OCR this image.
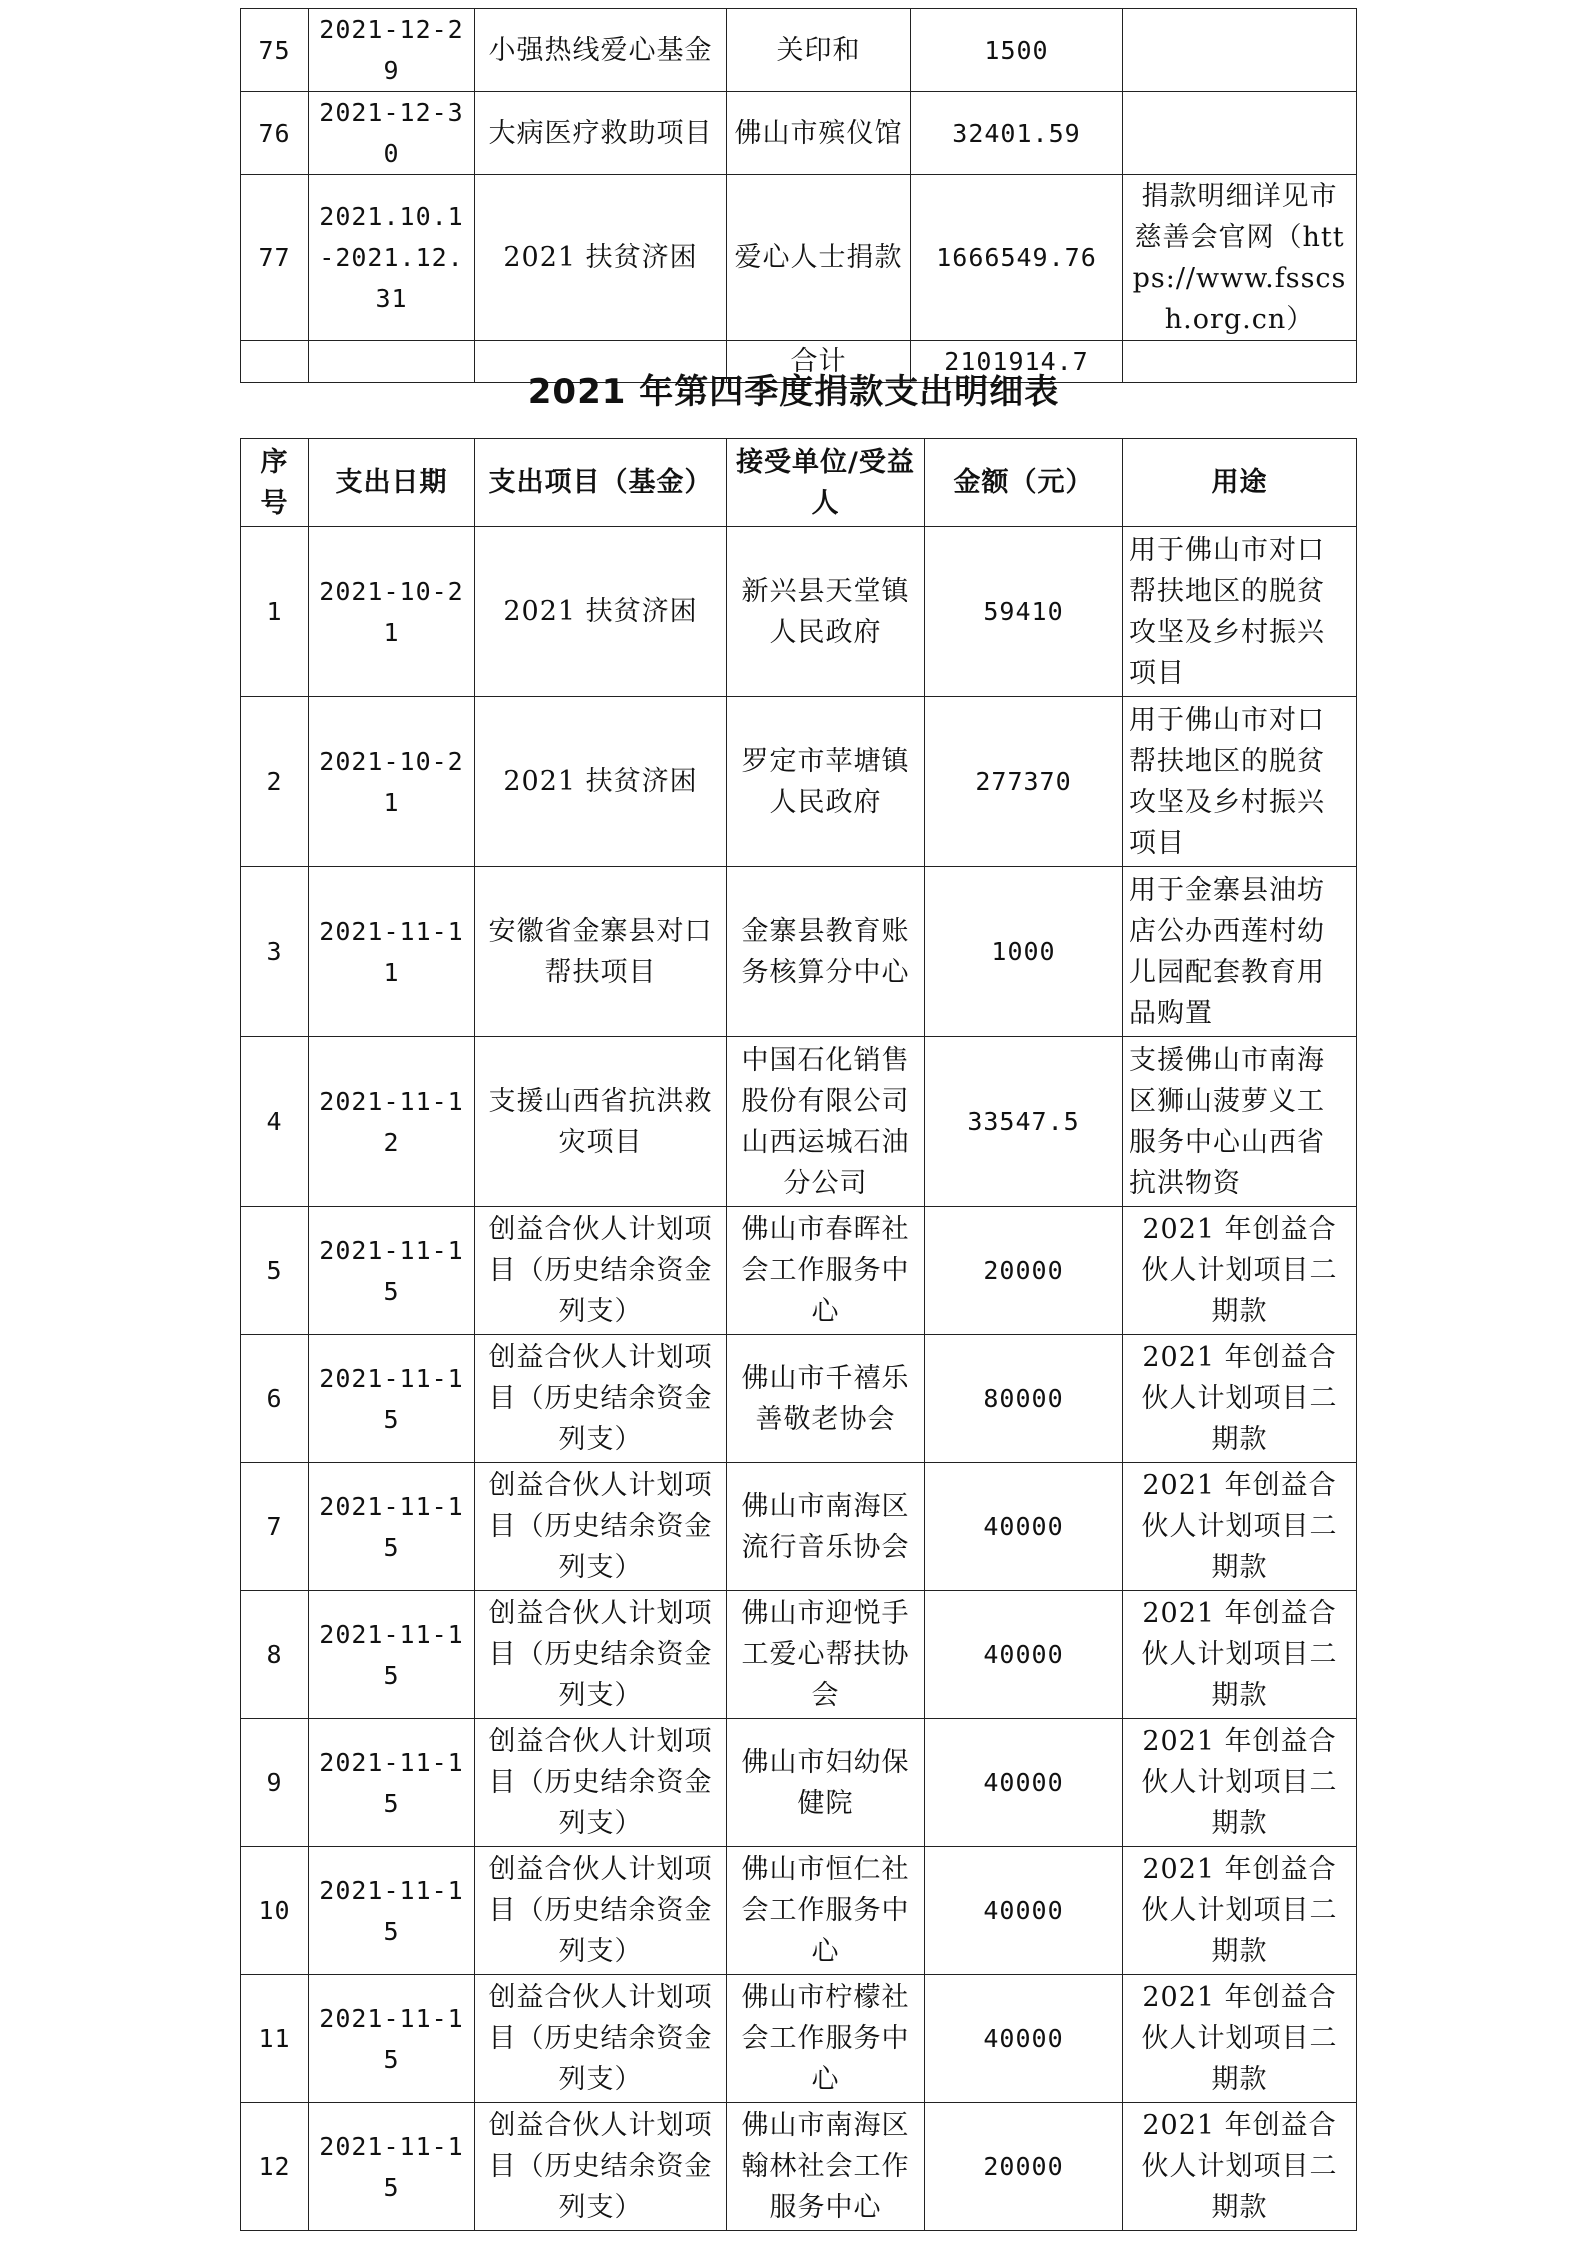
75	2021-12-29	小强热线爱心基金	关印和	1500	
76	2021-12-30	大病医疗救助项目	佛山市殡仪馆	32401.59	
77	2021.10.1-2021.12.31	2021 扶贫济困	爱心人士捐款	1666549.76	捐款明细详见市慈善会官网（https://www.fsscsh.org.cn）
			合计	2101914.7	
2021 年第四季度捐款支出明细表
序号	支出日期	支出项目（基金）	接受单位/受益人	金额（元）	用途
1	2021-10-21	2021 扶贫济困	新兴县天堂镇人民政府	59410	用于佛山市对口帮扶地区的脱贫攻坚及乡村振兴项目
2	2021-10-21	2021 扶贫济困	罗定市苹塘镇人民政府	277370	用于佛山市对口帮扶地区的脱贫攻坚及乡村振兴项目
3	2021-11-11	安徽省金寨县对口帮扶项目	金寨县教育账务核算分中心	1000	用于金寨县油坊店公办西莲村幼儿园配套教育用品购置
4	2021-11-12	支援山西省抗洪救灾项目	中国石化销售股份有限公司山西运城石油分公司	33547.5	支援佛山市南海区狮山菠萝义工服务中心山西省抗洪物资
5	2021-11-15	创益合伙人计划项目（历史结余资金列支）	佛山市春晖社会工作服务中心	20000	2021 年创益合伙人计划项目二期款
6	2021-11-15	创益合伙人计划项目（历史结余资金列支）	佛山市千禧乐善敬老协会	80000	2021 年创益合伙人计划项目二期款
7	2021-11-15	创益合伙人计划项目（历史结余资金列支）	佛山市南海区流行音乐协会	40000	2021 年创益合伙人计划项目二期款
8	2021-11-15	创益合伙人计划项目（历史结余资金列支）	佛山市迎悦手工爱心帮扶协会	40000	2021 年创益合伙人计划项目二期款
9	2021-11-15	创益合伙人计划项目（历史结余资金列支）	佛山市妇幼保健院	40000	2021 年创益合伙人计划项目二期款
10	2021-11-15	创益合伙人计划项目（历史结余资金列支）	佛山市恒仁社会工作服务中心	40000	2021 年创益合伙人计划项目二期款
11	2021-11-15	创益合伙人计划项目（历史结余资金列支）	佛山市柠檬社会工作服务中心	40000	2021 年创益合伙人计划项目二期款
12	2021-11-15	创益合伙人计划项目（历史结余资金列支）	佛山市南海区翰林社会工作服务中心	20000	2021 年创益合伙人计划项目二期款
